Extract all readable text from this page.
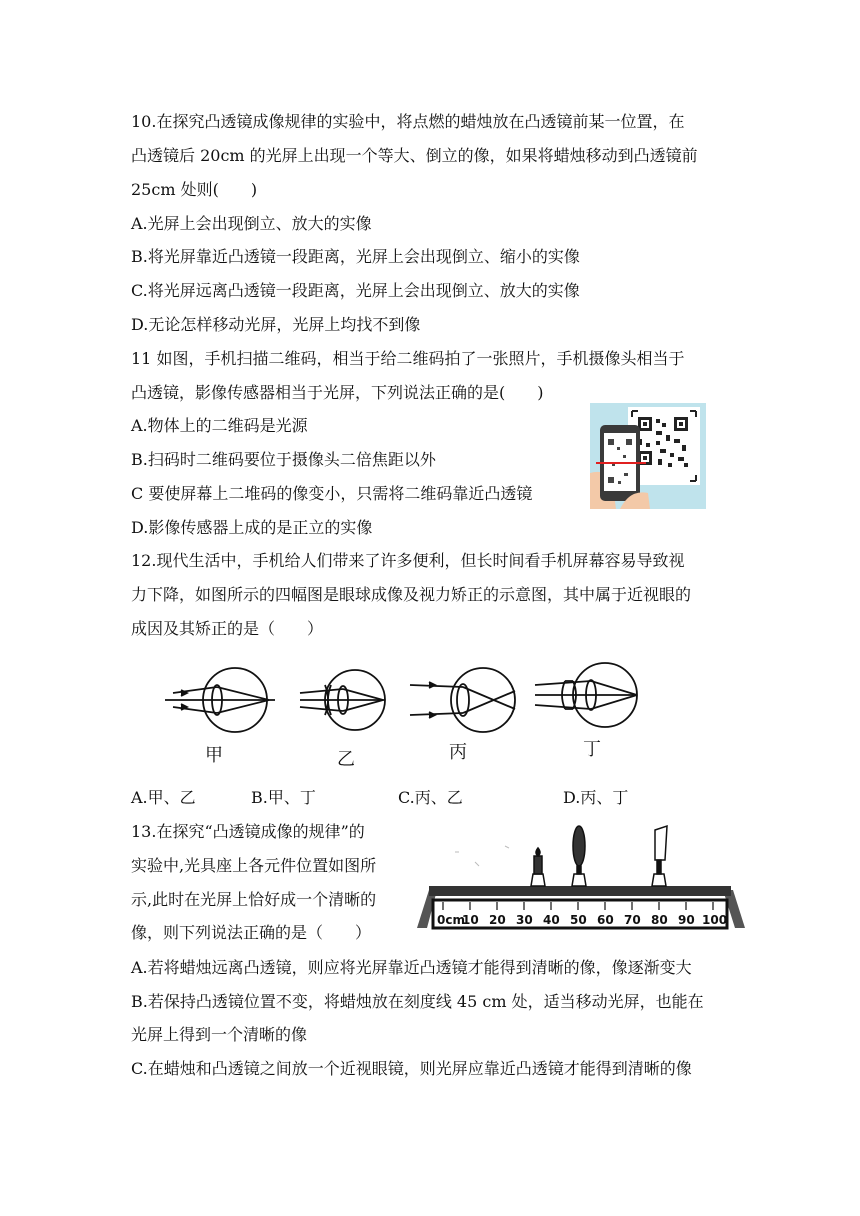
10.在探究凸透镜成像规律的实验中，将点燃的蜡烛放在凸透镜前某一位置，在
凸透镜后 20cm 的光屏上出现一个等大、倒立的像，如果将蜡烛移动到凸透镜前
25cm 处则(　　)
A.光屏上会出现倒立、放大的实像
B.将光屏靠近凸透镜一段距离，光屏上会出现倒立、缩小的实像
C.将光屏远离凸透镜一段距离，光屏上会出现倒立、放大的实像
D.无论怎样移动光屏，光屏上均找不到像
11 如图，手机扫描二维码，相当于给二维码拍了一张照片，手机摄像头相当于
凸透镜，影像传感器相当于光屏，下列说法正确的是(　　)
A.物体上的二维码是光源
B.扫码时二维码要位于摄像头二倍焦距以外
C 要使屏幕上二堆码的像变小，只需将二维码靠近凸透镜
D.影像传感器上成的是正立的实像
12.现代生活中，手机给人们带来了许多便利，但长时间看手机屏幕容易导致视
力下降，如图所示的四幅图是眼球成像及视力矫正的示意图，其中属于近视眼的
成因及其矫正的是（　　）
甲	乙	丙	丁
A.甲、乙	B.甲、丁	C.丙、乙	D.丙、丁
13.在探究“凸透镜成像的规律”的
实验中,光具座上各元件位置如图所
示,此时在光屏上恰好成一个清晰的
像，则下列说法正确的是（　　）
0cm
10 20 30 40 50 60 70 80 90 100
A.若将蜡烛远离凸透镜，则应将光屏靠近凸透镜才能得到清晰的像，像逐渐变大
B.若保持凸透镜位置不变，将蜡烛放在刻度线 45 cm 处，适当移动光屏，也能在
光屏上得到一个清晰的像
C.在蜡烛和凸透镜之间放一个近视眼镜，则光屏应靠近凸透镜才能得到清晰的像
